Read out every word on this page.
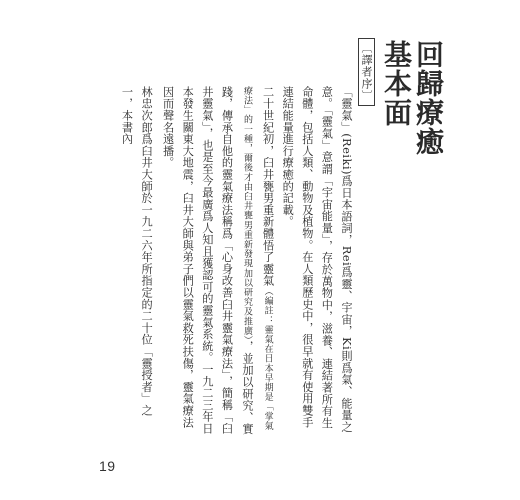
〔譯者序〕	回歸療癒基本面

「靈氣」(Reiki)爲日本語詞，Rei爲靈、宇宙，Ki則爲氣、能量之意。「靈氣」意謂「宇宙能量」，存於萬物中，滋養、連結著所有生命體，包括人類、動物及植物。在人類歷史中，很早就有使用雙手連結能量進行療癒的記載。

二十世紀初，臼井甕男重新體悟了靈氣（編註：靈氣在日本早期是「掌氣療法」的一種，爾後才由臼井甕男重新發現加以研究及推廣），並加以研究、實踐，傳承自他的靈氣療法稱爲「心身改善臼井靈氣療法」，簡稱「臼井靈氣」，也是至今最廣爲人知且獲認可的靈氣系統。一九二三年日本發生關東大地震，臼井大師與弟子們以靈氣救死扶傷，靈氣療法因而聲名遠播。

林忠次郎爲臼井大師於一九二六年所指定的二十位「靈授者」之一，本書內

19
